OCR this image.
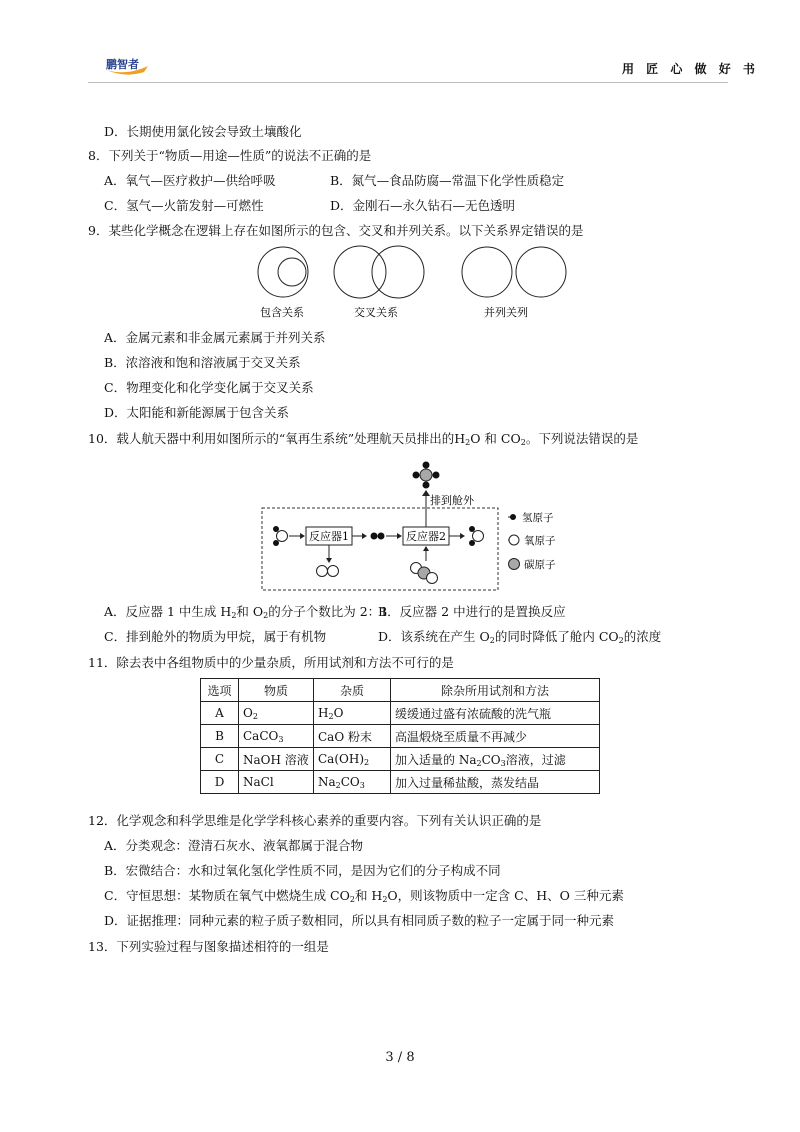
鹏智者	用 匠 心 做 好 书
D．长期使用氯化铵会导致土壤酸化
8．下列关于“物质—用途—性质”的说法不正确的是
A．氧气—医疗救护—供给呼吸	B．氮气—食品防腐—常温下化学性质稳定
C．氢气—火箭发射—可燃性	D．金刚石—永久钻石—无色透明
9．某些化学概念在逻辑上存在如图所示的包含、交叉和并列关系。以下关系界定错误的是
包含关系	交叉关系	并列关列
A．金属元素和非金属元素属于并列关系
B．浓溶液和饱和溶液属于交叉关系
C．物理变化和化学变化属于交叉关系
D．太阳能和新能源属于包含关系
10．载人航天器中利用如图所示的“氧再生系统”处理航天员排出的$H_2O$ 和 $CO_2$。下列说法错误的是
排到舱外
反应器1	反应器2
氢原子
氧原子
碳原子
A．反应器 1 中生成 $H_2$和 $O_2$的分子个数比为 2：1
B．反应器 2 中进行的是置换反应
C．排到舱外的物质为甲烷，属于有机物	D．该系统在产生 $O_2$的同时降低了舱内 $CO_2$的浓度
11．除去表中各组物质中的少量杂质，所用试剂和方法不可行的是
选项	物质	杂质	除杂所用试剂和方法
A	$O_2$	$H_2O$	缓缓通过盛有浓硫酸的洗气瓶
B	CaCO$_3$	CaO 粉末	高温煅烧至质量不再减少
C	NaOH 溶液	$Ca(OH)_2$	加入适量的 $Na_2CO_3$溶液，过滤
D	NaCl	$Na_2CO_3$	加入过量稀盐酸，蒸发结晶
12．化学观念和科学思维是化学学科核心素养的重要内容。下列有关认识正确的是
A．分类观念：澄清石灰水、液氧都属于混合物
B．宏微结合：水和过氧化氢化学性质不同，是因为它们的分子构成不同
C．守恒思想：某物质在氧气中燃烧生成 $CO_2$和 $H_2O$，则该物质中一定含 C、H、O 三种元素
D．证据推理：同种元素的粒子质子数相同，所以具有相同质子数的粒子一定属于同一种元素
13．下列实验过程与图象描述相符的一组是
3 / 8
